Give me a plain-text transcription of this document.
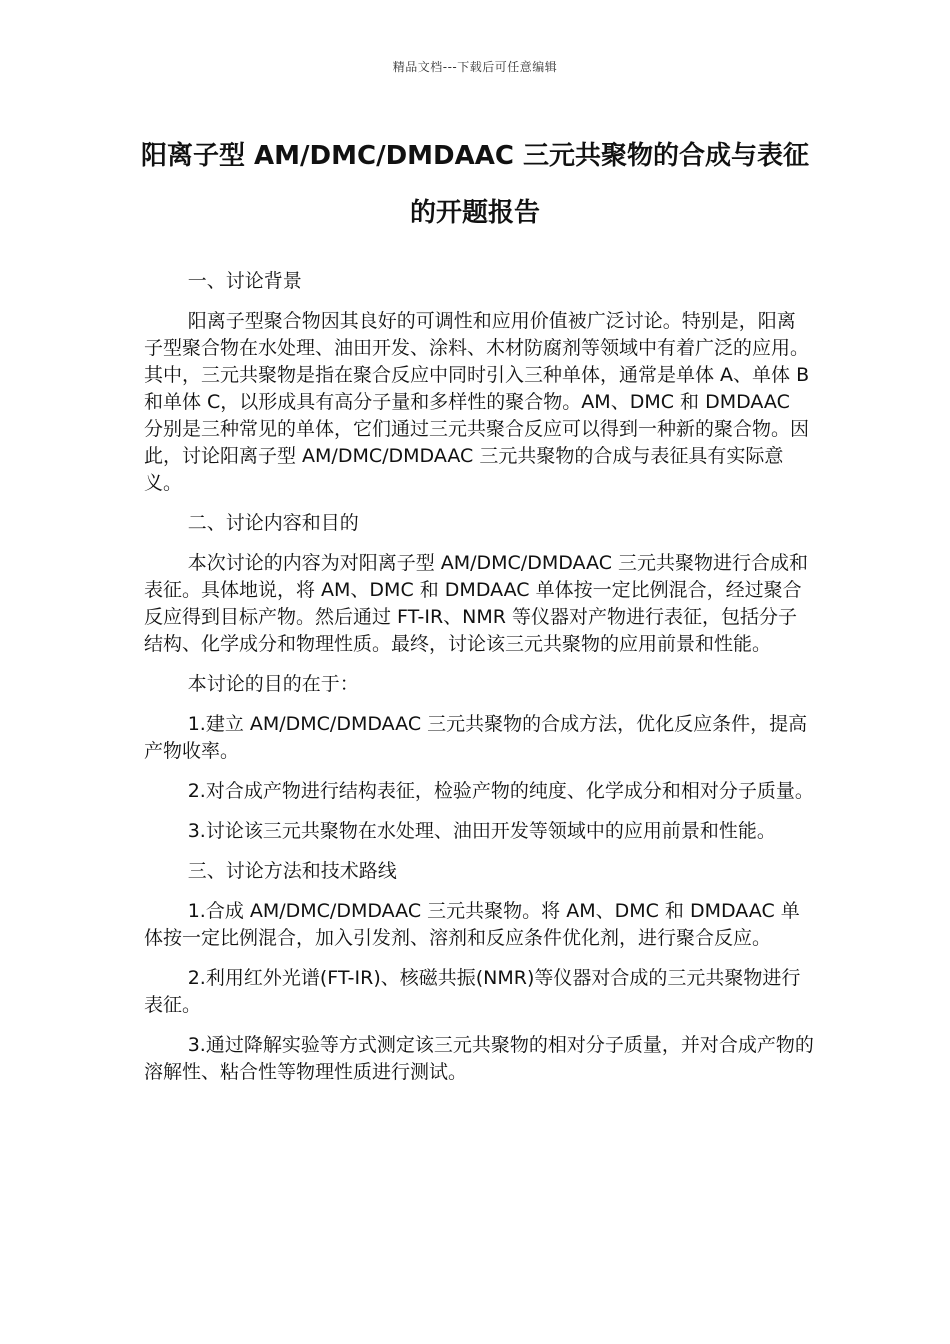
精品文档---下载后可任意编辑
阳离子型 AM/DMC/DMDAAC 三元共聚物的合成与表征的开题报告

一、讨论背景

阳离子型聚合物因其良好的可调性和应用价值被广泛讨论。特别是，阳离子型聚合物在水处理、油田开发、涂料、木材防腐剂等领域中有着广泛的应用。其中，三元共聚物是指在聚合反应中同时引入三种单体，通常是单体 A、单体 B 和单体 C，以形成具有高分子量和多样性的聚合物。AM、DMC 和 DMDAAC 分别是三种常见的单体，它们通过三元共聚合反应可以得到一种新的聚合物。因此，讨论阳离子型 AM/DMC/DMDAAC 三元共聚物的合成与表征具有实际意义。

二、讨论内容和目的

本次讨论的内容为对阳离子型 AM/DMC/DMDAAC 三元共聚物进行合成和表征。具体地说，将 AM、DMC 和 DMDAAC 单体按一定比例混合，经过聚合反应得到目标产物。然后通过 FT-IR、NMR 等仪器对产物进行表征，包括分子结构、化学成分和物理性质。最终，讨论该三元共聚物的应用前景和性能。

本讨论的目的在于：

1.建立 AM/DMC/DMDAAC 三元共聚物的合成方法，优化反应条件，提高产物收率。

2.对合成产物进行结构表征，检验产物的纯度、化学成分和相对分子质量。

3.讨论该三元共聚物在水处理、油田开发等领域中的应用前景和性能。

三、讨论方法和技术路线

1.合成 AM/DMC/DMDAAC 三元共聚物。将 AM、DMC 和 DMDAAC 单体按一定比例混合，加入引发剂、溶剂和反应条件优化剂，进行聚合反应。

2.利用红外光谱(FT-IR)、核磁共振(NMR)等仪器对合成的三元共聚物进行表征。

3.通过降解实验等方式测定该三元共聚物的相对分子质量，并对合成产物的溶解性、粘合性等物理性质进行测试。
